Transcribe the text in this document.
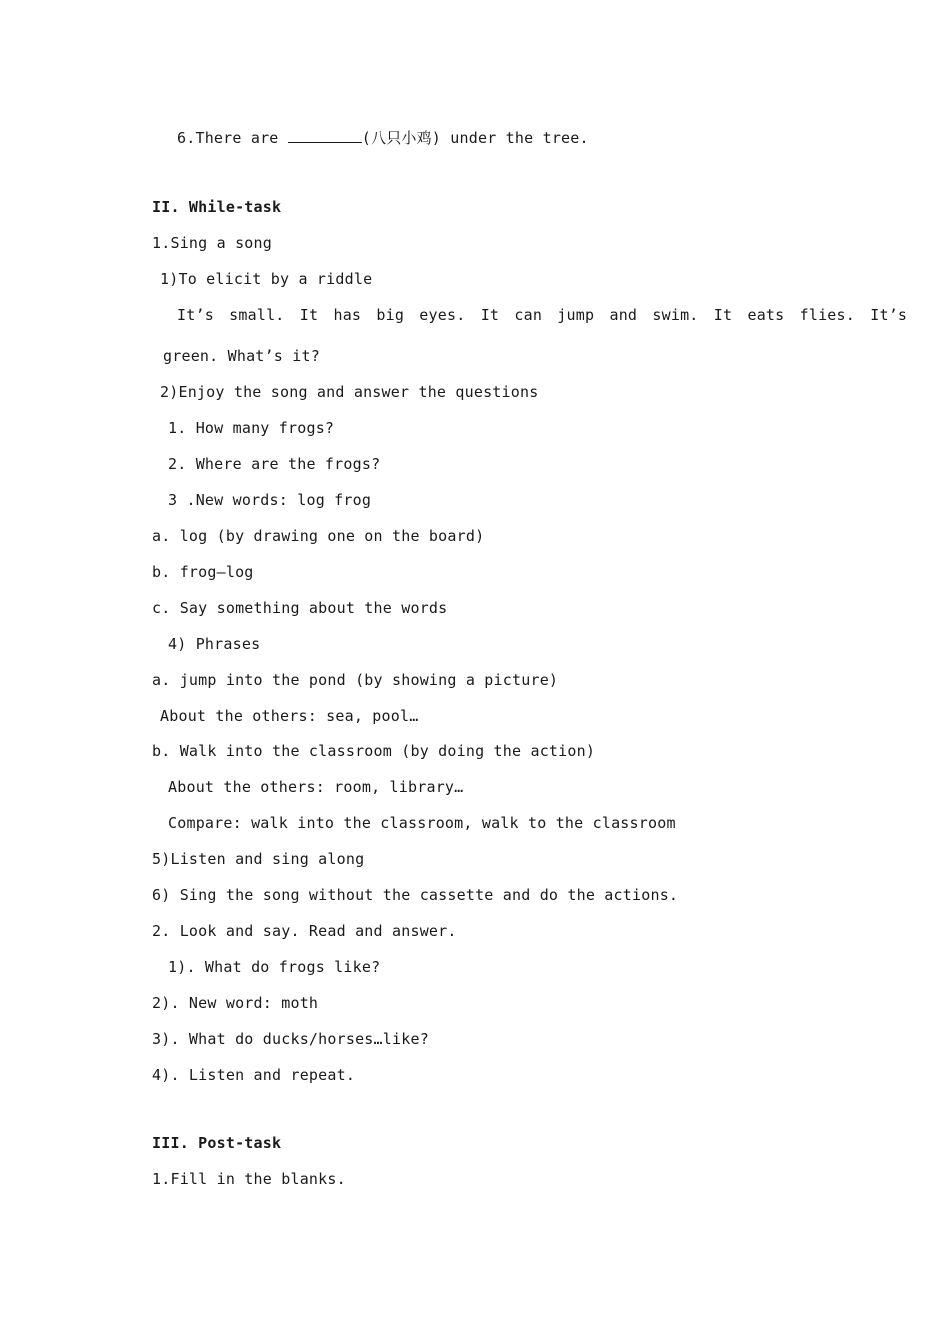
6.There are	(八只小鸡) under the tree.
II. While-task
1.Sing a song
1)To elicit by a riddle
It’s small. It has big eyes. It can jump and swim. It eats flies. It’s
green. What’s it?
2)Enjoy the song and answer the questions
1. How many frogs?
2. Where are the frogs?
3 .New words: log frog
a. log (by drawing one on the board)
b. frog—log
c. Say something about the words
4) Phrases
a. jump into the pond (by showing a picture)
About the others: sea, pool…
b. Walk into the classroom (by doing the action)
About the others: room, library…
Compare: walk into the classroom, walk to the classroom
5)Listen and sing along
6) Sing the song without the cassette and do the actions.
2. Look and say. Read and answer.
1). What do frogs like?
2). New word: moth
3). What do ducks/horses…like?
4). Listen and repeat.
III. Post-task
1.Fill in the blanks.
